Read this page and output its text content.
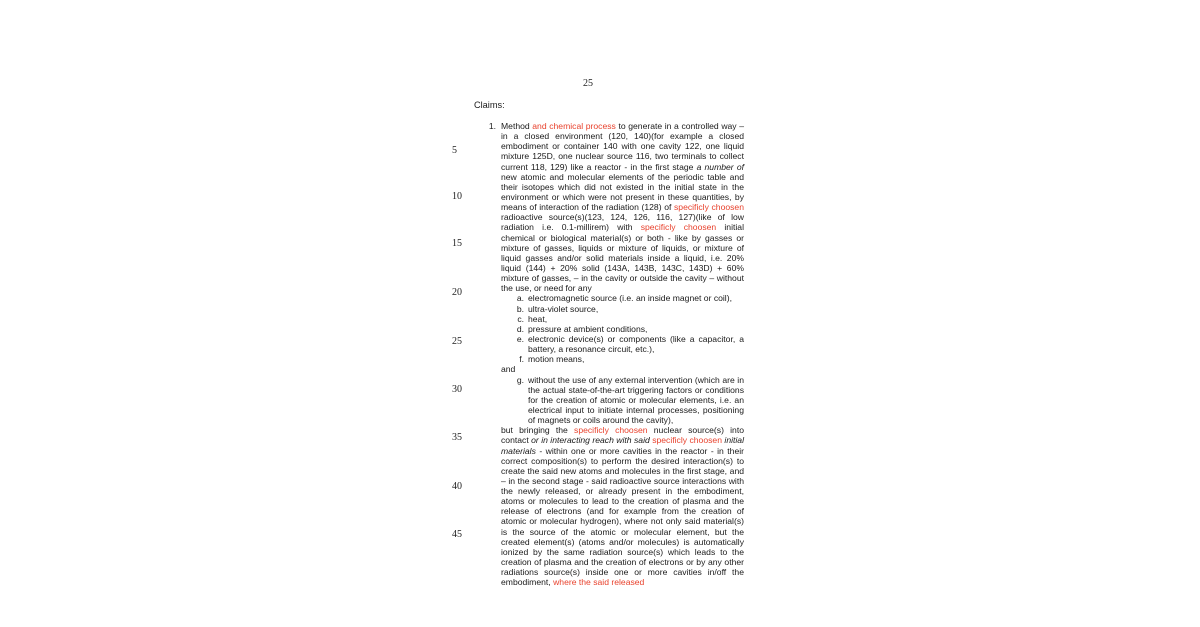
25
Claims:
5
10
15
20
25
30
35
40
45
1. Method and chemical process to generate in a controlled way – in a closed environment (120, 140)(for example a closed embodiment or container 140 with one cavity 122, one liquid mixture 125D, one nuclear source 116, two terminals to collect current 118, 129) like a reactor - in the first stage a number of new atomic and molecular elements of the periodic table and their isotopes which did not existed in the initial state in the environment or which were not present in these quantities, by means of interaction of the radiation (128) of specificly choosen radioactive source(s)(123, 124, 126, 116, 127)(like of low radiation i.e. 0.1-millirem) with specificly choosen initial chemical or biological material(s) or both - like by gasses or mixture of gasses, liquids or mixture of liquids, or mixture of liquid gasses and/or solid materials inside a liquid, i.e. 20% liquid (144) + 20% solid (143A, 143B, 143C, 143D) + 60% mixture of gasses, – in the cavity or outside the cavity – without the use, or need for any
a. electromagnetic source (i.e. an inside magnet or coil),
b. ultra-violet source,
c. heat,
d. pressure at ambient conditions,
e. electronic device(s) or components (like a capacitor, a battery, a resonance circuit, etc.),
f. motion means,
and
g. without the use of any external intervention (which are in the actual state-of-the-art triggering factors or conditions for the creation of atomic or molecular elements, i.e. an electrical input to initiate internal processes, positioning of magnets or coils around the cavity),
but bringing the specificly choosen nuclear source(s) into contact or in interacting reach with said specificly choosen initial materials - within one or more cavities in the reactor - in their correct composition(s) to perform the desired interaction(s) to create the said new atoms and molecules in the first stage, and – in the second stage - said radioactive source interactions with the newly released, or already present in the embodiment, atoms or molecules to lead to the creation of plasma and the release of electrons (and for example from the creation of atomic or molecular hydrogen), where not only said material(s) is the source of the atomic or molecular element, but the created element(s) (atoms and/or molecules) is automatically ionized by the same radiation source(s) which leads to the creation of plasma and the creation of electrons or by any other radiations source(s) inside one or more cavities in/off the embodiment, where the said released
